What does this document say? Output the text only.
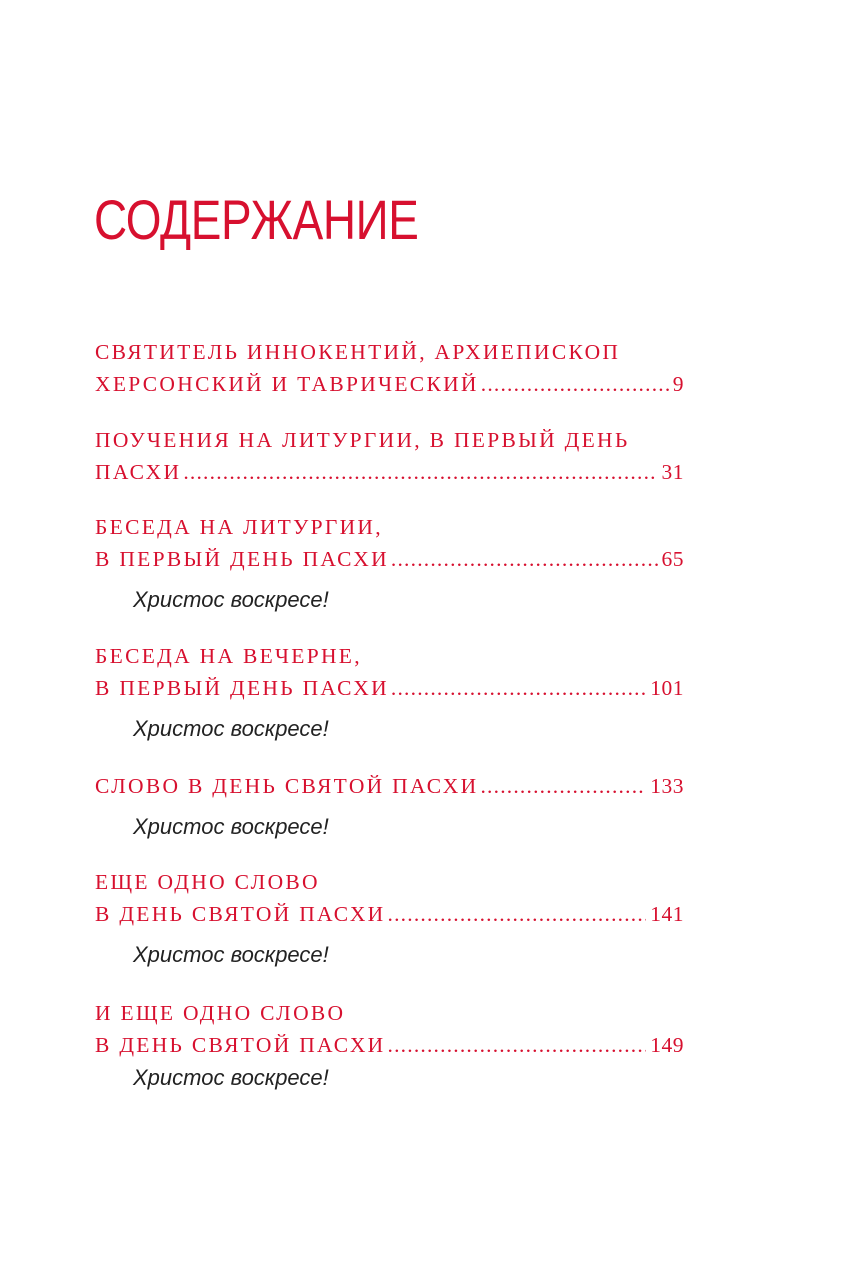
СОДЕРЖАНИЕ
СВЯТИТЕЛЬ ИННОКЕНТИЙ, АРХИЕПИСКОП
ХЕРСОНСКИЙ И ТАВРИЧЕСКИЙ .....	9
ПОУЧЕНИЯ НА ЛИТУРГИИ, В ПЕРВЫЙ ДЕНЬ
ПАСХИ .....	31
БЕСЕДА НА ЛИТУРГИИ,
В ПЕРВЫЙ ДЕНЬ ПАСХИ .....	65
Христос воскресе!
БЕСЕДА НА ВЕЧЕРНЕ,
В ПЕРВЫЙ ДЕНЬ ПАСХИ .....	101
Христос воскресе!
СЛОВО В ДЕНЬ СВЯТОЙ ПАСХИ .....	133
Христос воскресе!
ЕЩЕ ОДНО СЛОВО
В ДЕНЬ СВЯТОЙ ПАСХИ .....	141
Христос воскресе!
И ЕЩЕ ОДНО СЛОВО
В ДЕНЬ СВЯТОЙ ПАСХИ .....	149
Христос воскресе!
